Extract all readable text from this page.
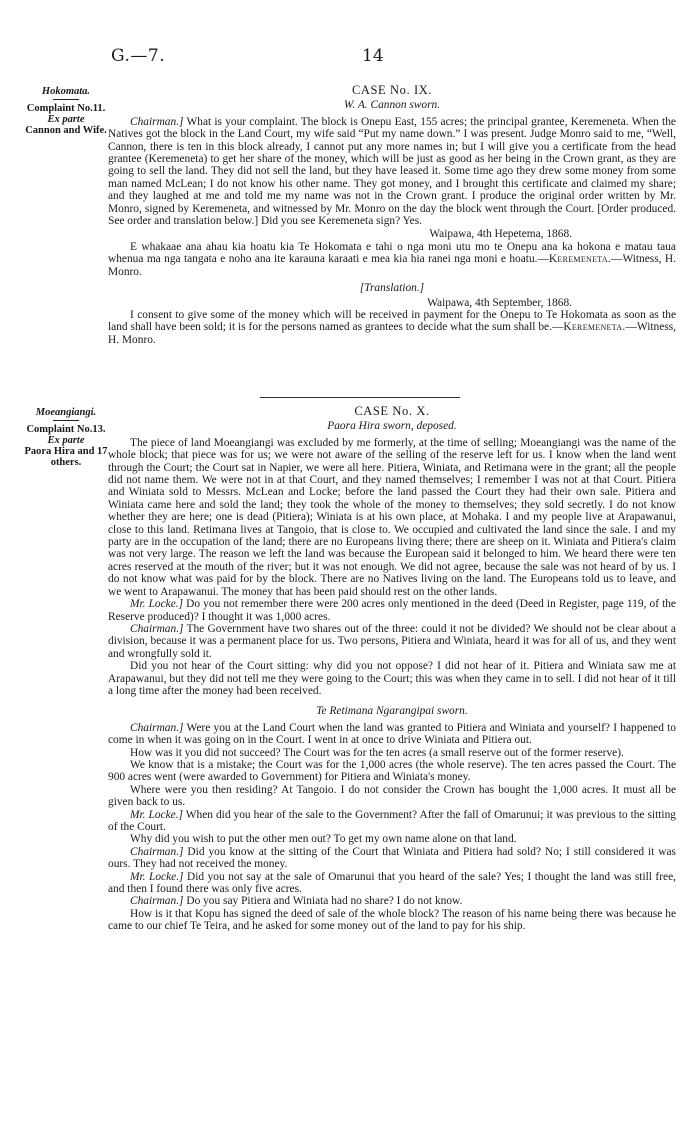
G.—7.	14
Hokomata.
Complaint No.11.
Ex parte
Cannon and Wife.
CASE No. IX.
W. A. Cannon sworn.

Chairman.] What is your complaint. The block is Onepu East, 155 acres; the principal grantee, Keremeneta. When the Natives got the block in the Land Court, my wife said “Put my name down.” I was present. Judge Monro said to me, “Well, Cannon, there is ten in this block already, I cannot put any more names in; but I will give you a certificate from the head grantee (Keremeneta) to get her share of the money, which will be just as good as her being in the Crown grant, as they are going to sell the land. They did not sell the land, but they have leased it. Some time ago they drew some money from some man named McLean; I do not know his other name. They got money, and I brought this certificate and claimed my share; and they laughed at me and told me my name was not in the Crown grant. I produce the original order written by Mr. Monro, signed by Keremeneta, and witnessed by Mr. Monro on the day the block went through the Court. [Order produced. See order and translation below.] Did you see Keremeneta sign? Yes.

Waipawa, 4th Hepetema, 1868.

E whakaae ana ahau kia hoatu kia Te Hokomata e tahi o nga moni utu mo te Onepu ana ka hokona e matau taua whenua ma nga tangata e noho ana ite karauna karaati e mea kia hia ranei nga moni e hoatu.—Keremeneta.—Witness, H. Monro.

[Translation.]
Waipawa, 4th September, 1868.

I consent to give some of the money which will be received in payment for the Onepu to Te Hokomata as soon as the land shall have been sold; it is for the persons named as grantees to decide what the sum shall be.—Keremeneta.—Witness, H. Monro.

Moeangiangi.
Complaint No.13.
Ex parte
Paora Hira and 17 others.
CASE No. X.
Paora Hira sworn, deposed.

The piece of land Moeangiangi was excluded by me formerly, at the time of selling; Moeangiangi was the name of the whole block; that piece was for us; we were not aware of the selling of the reserve left for us. I know when the land went through the Court; the Court sat in Napier, we were all here. Pitiera, Winiata, and Retimana were in the grant; all the people did not name them. We were not in at that Court, and they named themselves; I remember I was not at that Court. Pitiera and Winiata sold to Messrs. McLean and Locke; before the land passed the Court they had their own sale. Pitiera and Winiata came here and sold the land; they took the whole of the money to themselves; they sold secretly. I do not know whether they are here; one is dead (Pitiera); Winiata is at his own place, at Mohaka. I and my people live at Arapawanui, close to this land. Retimana lives at Tangoio, that is close to. We occupied and cultivated the land since the sale. I and my party are in the occupation of the land; there are no Europeans living there; there are sheep on it. Winiata and Pitiera's claim was not very large. The reason we left the land was because the European said it belonged to him. We heard there were ten acres reserved at the mouth of the river; but it was not enough. We did not agree, because the sale was not heard of by us. I do not know what was paid for by the block. There are no Natives living on the land. The Europeans told us to leave, and we went to Arapawanui. The money that has been paid should rest on the other lands.

Mr. Locke.] Do you not remember there were 200 acres only mentioned in the deed (Deed in Register, page 119, of the Reserve produced)? I thought it was 1,000 acres.

Chairman.] The Government have two shares out of the three: could it not be divided? We should not be clear about a division, because it was a permanent place for us. Two persons, Pitiera and Winiata, heard it was for all of us, and they went and wrongfully sold it.

Did you not hear of the Court sitting: why did you not oppose? I did not hear of it. Pitiera and Winiata saw me at Arapawanui, but they did not tell me they were going to the Court; this was when they came in to sell. I did not hear of it till a long time after the money had been received.

Te Retimana Ngarangipai sworn.

Chairman.] Were you at the Land Court when the land was granted to Pitiera and Winiata and yourself? I happened to come in when it was going on in the Court. I went in at once to drive Winiata and Pitiera out.

How was it you did not succeed? The Court was for the ten acres (a small reserve out of the former reserve).

We know that is a mistake; the Court was for the 1,000 acres (the whole reserve). The ten acres passed the Court. The 900 acres went (were awarded to Government) for Pitiera and Winiata's money.

Where were you then residing? At Tangoio. I do not consider the Crown has bought the 1,000 acres. It must all be given back to us.

Mr. Locke.] When did you hear of the sale to the Government? After the fall of Omarunui; it was previous to the sitting of the Court.

Why did you wish to put the other men out? To get my own name alone on that land.

Chairman.] Did you know at the sitting of the Court that Winiata and Pitiera had sold? No; I still considered it was ours. They had not received the money.

Mr. Locke.] Did you not say at the sale of Omarunui that you heard of the sale? Yes; I thought the land was still free, and then I found there was only five acres.

Chairman.] Do you say Pitiera and Winiata had no share? I do not know.

How is it that Kopu has signed the deed of sale of the whole block? The reason of his name being there was because he came to our chief Te Teira, and he asked for some money out of the land to pay for his ship.
